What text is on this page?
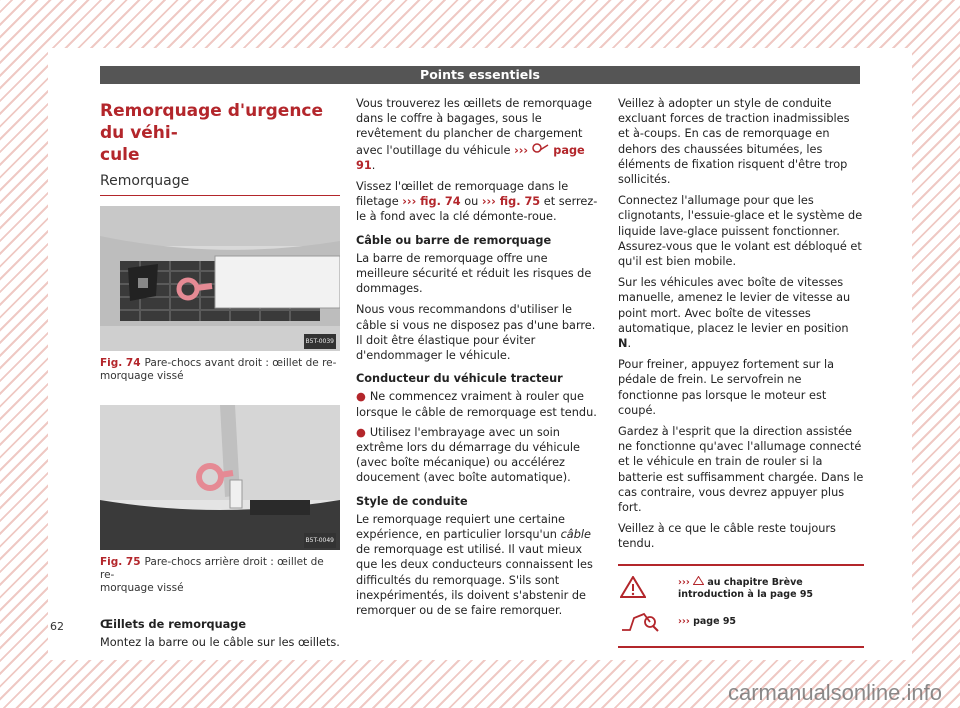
Points essentiels
Remorquage d'urgence du véhi-
cule
Remorquage
B5T-0039
Fig. 74 Pare-chocs avant droit : œillet de re-
morquage vissé
B5T-0049
Fig. 75 Pare-chocs arrière droit : œillet de re-
morquage vissé
Œillets de remorquage

Montez la barre ou le câble sur les œillets.

Vous trouverez les œillets de remorquage dans le coffre à bagages, sous le revêtement du plancher de chargement avec l'outillage du véhicule ››› page 91.

Vissez l'œillet de remorquage dans le filetage ››› fig. 74 ou ››› fig. 75 et serrez-le à fond avec la clé démonte-roue.

Câble ou barre de remorquage

La barre de remorquage offre une meilleure sécurité et réduit les risques de dommages.

Nous vous recommandons d'utiliser le câble si vous ne disposez pas d'une barre. Il doit être élastique pour éviter d'endommager le véhicule.

Conducteur du véhicule tracteur
● Ne commencez vraiment à rouler que lorsque le câble de remorquage est tendu.
● Utilisez l'embrayage avec un soin extrême lors du démarrage du véhicule (avec boîte mécanique) ou accélérez doucement (avec boîte automatique).
Style de conduite

Le remorquage requiert une certaine expérience, en particulier lorsqu'un câble de remorquage est utilisé. Il vaut mieux que les deux conducteurs connaissent les difficultés du remorquage. S'ils sont inexpérimentés, ils doivent s'abstenir de remorquer ou de se faire remorquer.

Veillez à adopter un style de conduite excluant forces de traction inadmissibles et à-coups. En cas de remorquage en dehors des chaussées bitumées, les éléments de fixation risquent d'être trop sollicités.

Connectez l'allumage pour que les clignotants, l'essuie-glace et le système de liquide lave-glace puissent fonctionner. Assurez-vous que le volant est débloqué et qu'il est bien mobile.

Sur les véhicules avec boîte de vitesses manuelle, amenez le levier de vitesse au point mort. Avec boîte de vitesses automatique, placez le levier en position N.

Pour freiner, appuyez fortement sur la pédale de frein. Le servofrein ne fonctionne pas lorsque le moteur est coupé.

Gardez à l'esprit que la direction assistée ne fonctionne qu'avec l'allumage connecté et le véhicule en train de rouler si la batterie est suffisamment chargée. Dans le cas contraire, vous devrez appuyer plus fort.

Veillez à ce que le câble reste toujours tendu.

››› au chapitre Brève introduction à la page 95
››› page 95
62
carmanualsonline.info
